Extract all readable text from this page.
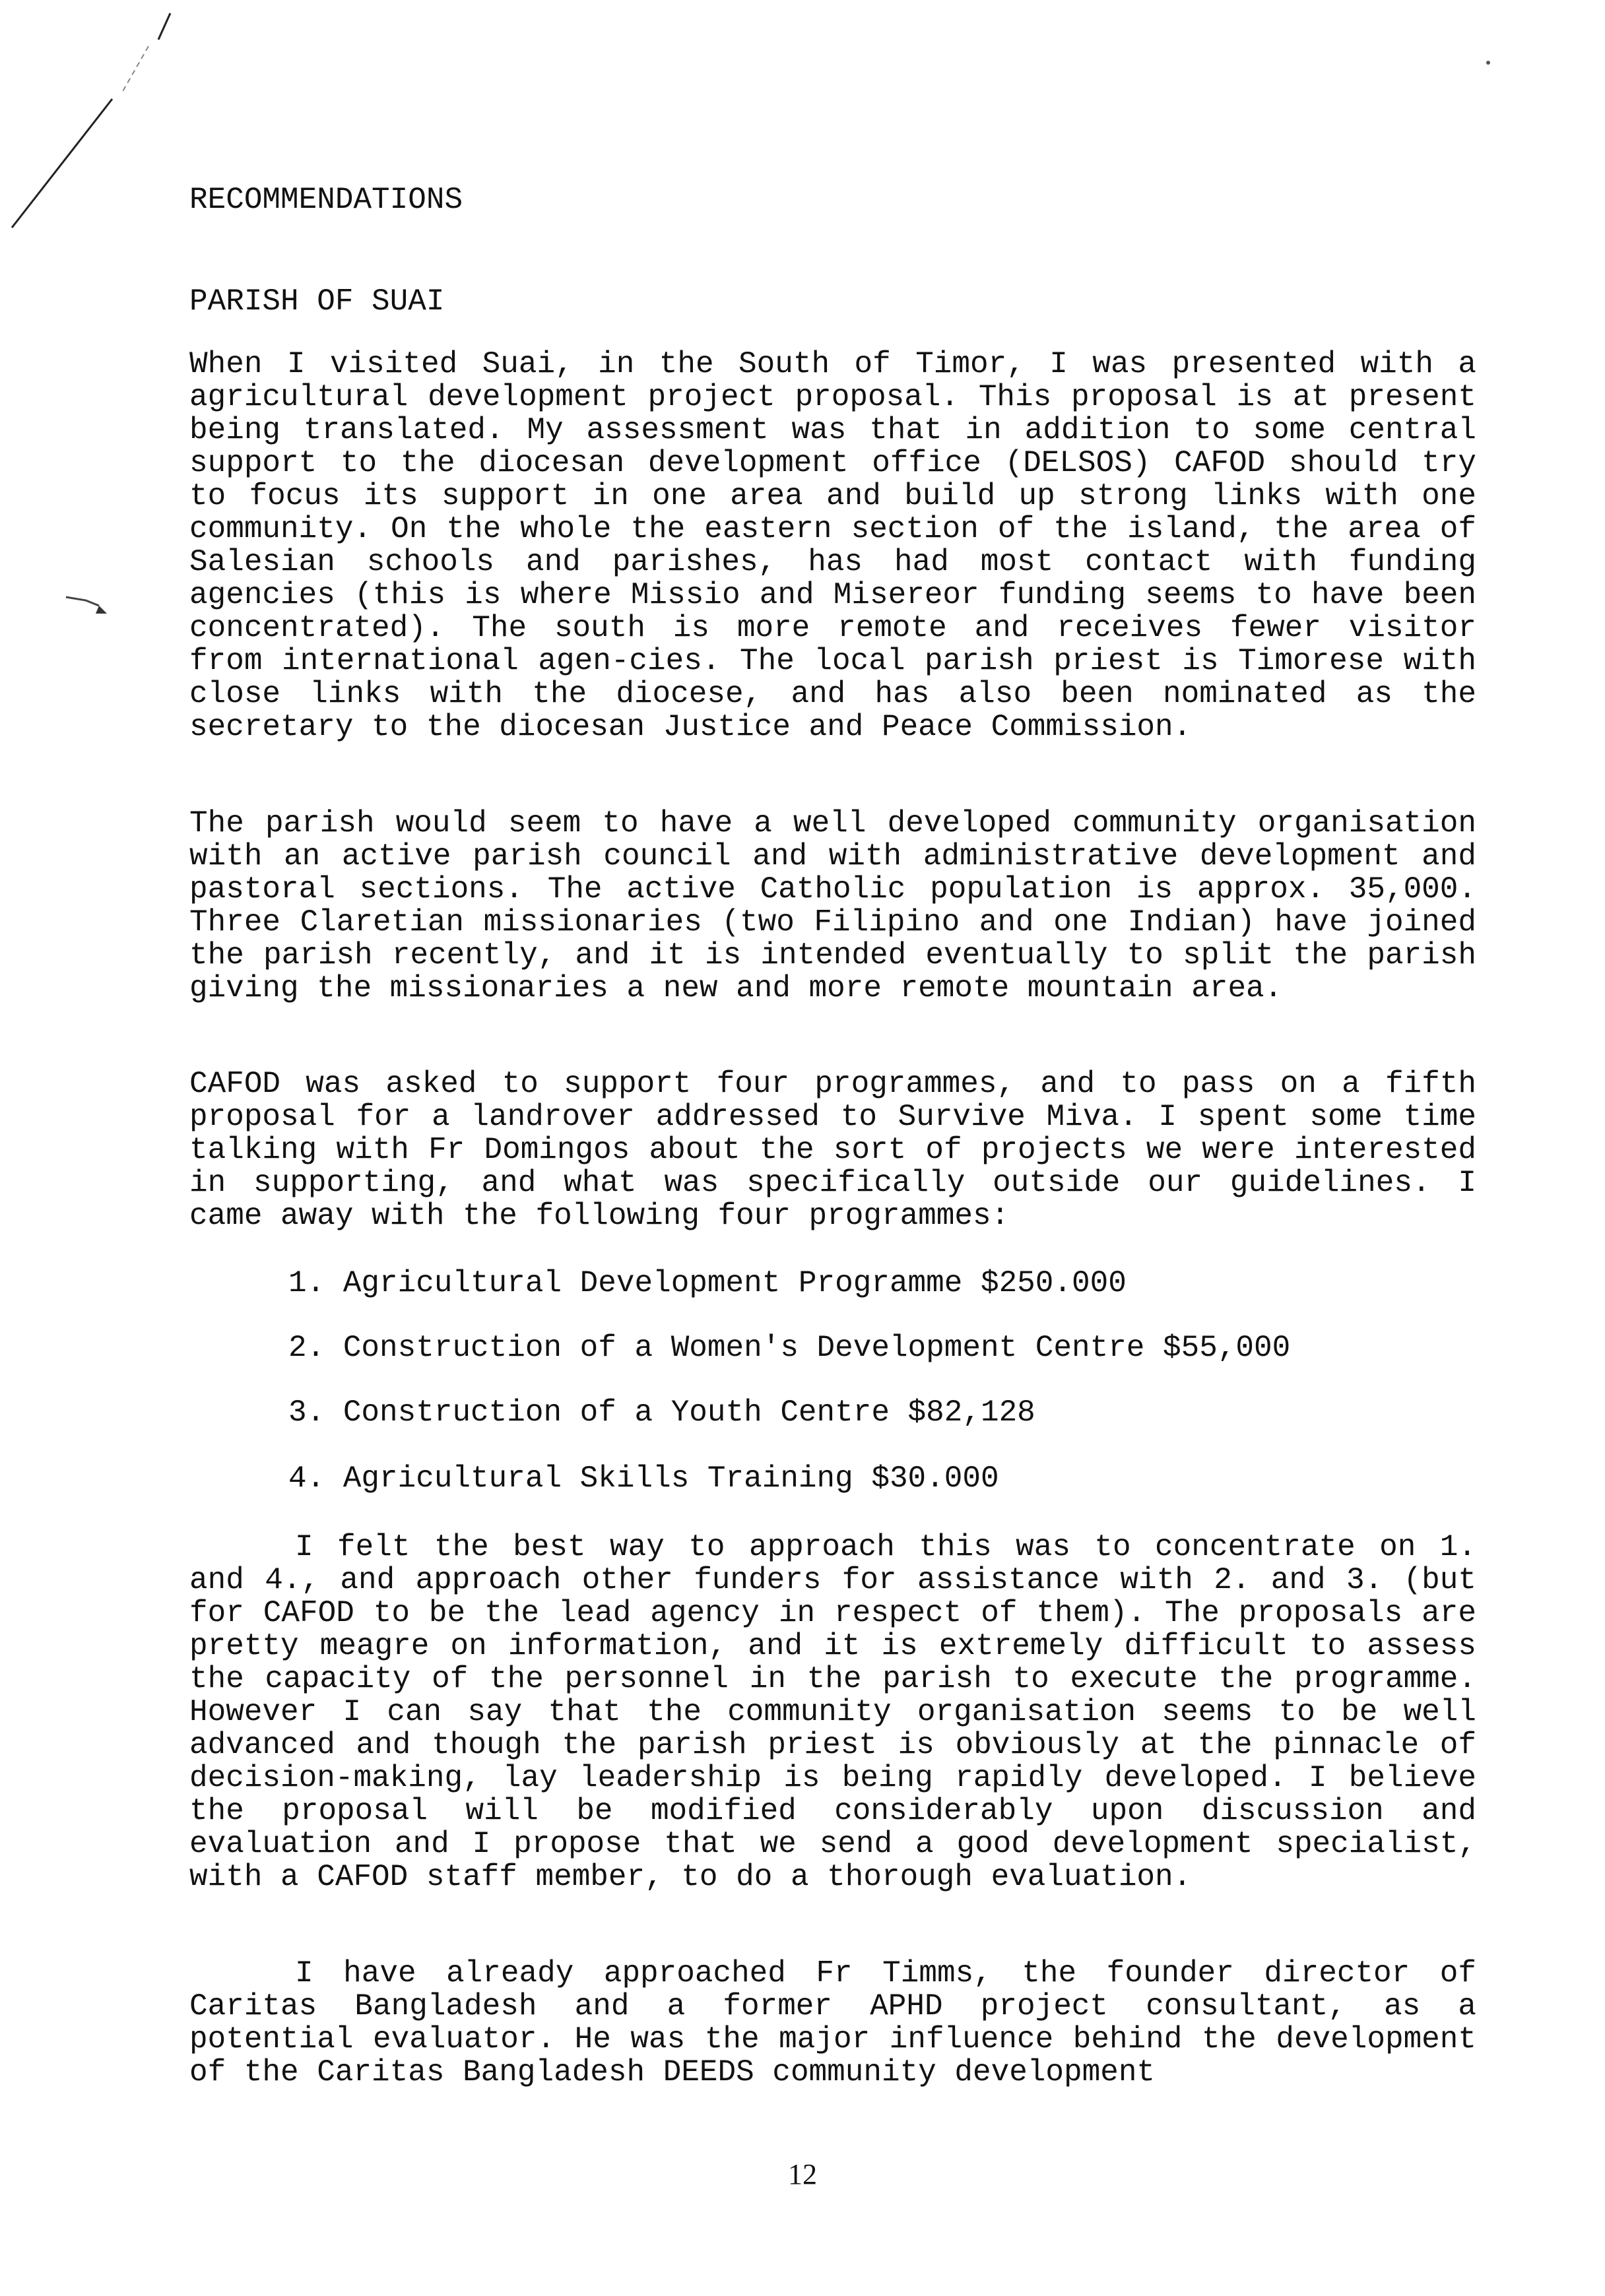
RECOMMENDATIONS
PARISH OF SUAI

When I visited Suai, in the South of Timor, I was presented with a agricultural development project proposal. This proposal is at present being translated. My assessment was that in addition to some central support to the diocesan development office (DELSOS) CAFOD should try to focus its support in one area and build up strong links with one community. On the whole the eastern section of the island, the area of Salesian schools and parishes, has had most contact with funding agencies (this is where Missio and Misereor funding seems to have been concentrated). The south is more remote and receives fewer visitor from international agen-cies. The local parish priest is Timorese with close links with the diocese, and has also been nominated as the secretary to the diocesan Justice and Peace Commission.

The parish would seem to have a well developed community organisation with an active parish council and with administrative development and pastoral sections. The active Catholic population is approx. 35,000. Three Claretian missionaries (two Filipino and one Indian) have joined the parish recently, and it is intended eventually to split the parish giving the missionaries a new and more remote mountain area.

CAFOD was asked to support four programmes, and to pass on a fifth proposal for a landrover addressed to Survive Miva. I spent some time talking with Fr Domingos about the sort of projects we were interested in supporting, and what was specifically outside our guidelines. I came away with the following four programmes:

1. Agricultural Development Programme $250.000
2. Construction of a Women's Development Centre $55,000
3. Construction of a Youth Centre $82,128
4. Agricultural Skills Training $30.000

I felt the best way to approach this was to concentrate on 1. and 4., and approach other funders for assistance with 2. and 3. (but for CAFOD to be the lead agency in respect of them). The proposals are pretty meagre on information, and it is extremely difficult to assess the capacity of the personnel in the parish to execute the programme. However I can say that the community organisation seems to be well advanced and though the parish priest is obviously at the pinnacle of decision-making, lay leadership is being rapidly developed. I believe the proposal will be modified considerably upon discussion and evaluation and I propose that we send a good development specialist, with a CAFOD staff member, to do a thorough evaluation.

I have already approached Fr Timms, the founder director of Caritas Bangladesh and a former APHD project consultant, as a potential evaluator. He was the major influence behind the development of the Caritas Bangladesh DEEDS community development

12
